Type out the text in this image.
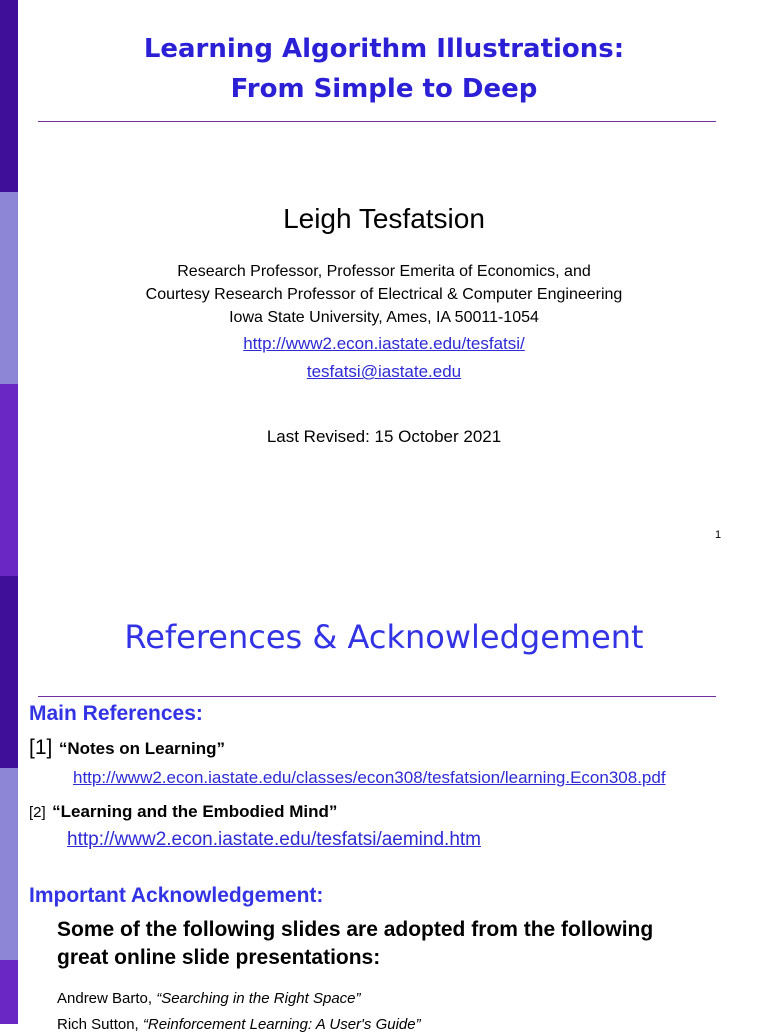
Learning Algorithm Illustrations:
From Simple to Deep
Leigh Tesfatsion
Research Professor, Professor Emerita of Economics, and
Courtesy Research Professor of Electrical & Computer Engineering
Iowa State University, Ames, IA 50011-1054
http://www2.econ.iastate.edu/tesfatsi/
tesfatsi@iastate.edu
Last Revised: 15 October 2021
1
References & Acknowledgement
Main References:
[1] “Notes on Learning”
http://www2.econ.iastate.edu/classes/econ308/tesfatsion/learning.Econ308.pdf
[2] “Learning and the Embodied Mind”
http://www2.econ.iastate.edu/tesfatsi/aemind.htm
Important Acknowledgement:
Some of the following slides are adopted from the following
great online slide presentations:
Andrew Barto, “Searching in the Right Space”
Rich Sutton, “Reinforcement Learning: A User's Guide”
